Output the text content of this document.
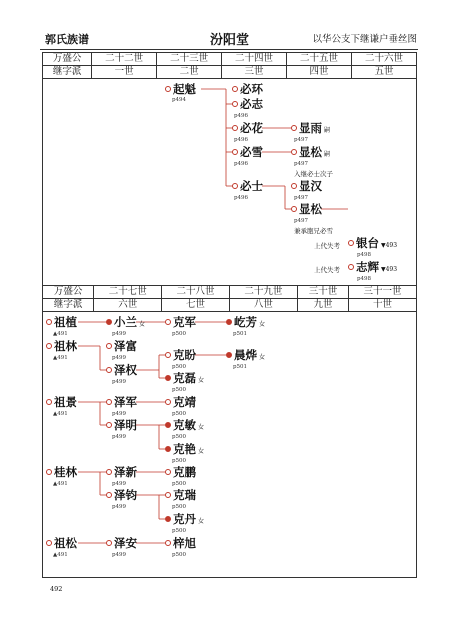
郭氏族谱	汾阳堂	以华公支下继谦户垂丝图
万盛公	二十二世	二十三世	二十四世	二十五世	二十六世
继字派	一世	二世	三世	四世	五世
万盛公	二十七世	二十八世	二十九世	三十世	三十一世
继字派	六世	七世	八世	九世	十世
起魁
p494
必环
必志
p496
必花
p496
必雪
p496
必士
p496
显雨 嗣
p497
显松 嗣
p497
入继必士次子
显汉
p497
显松
p497
兼承胞兄必雪
上代失考	银台 ▼493
p498
上代失考	志辉 ▼493
p498
祖植
▲491
小兰 女
p499
克军
p500
屹芳 女
p501
祖林
▲491
泽富
p499
泽权
p499
克盼
p500
晨烨 女
p501
克磊 女
p500
祖景
▲491
泽军
p499
克靖
p500
泽明
p499
克敏 女
p500
克艳 女
p500
桂林
▲491
泽新
p499
克鹏
p500
泽钧
p499
克瑞
p500
克丹 女
p500
祖松
▲491
泽安
p499
梓旭
p500
492
